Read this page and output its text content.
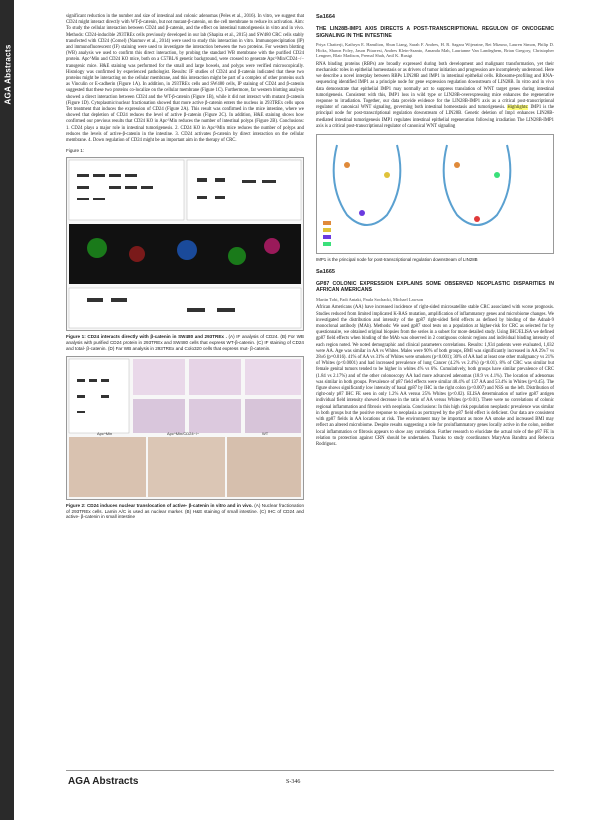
AGA Abstracts

significant reduction in the number and size of intestinal and colonic adenomas (Peles et al., 2016). In vitro, we suggest that CD24 might interact directly with WT-β-catenin, but not mutant-β-catenin, on the cell membrane to reduce its activation. Aim: To study the cellular interaction between CD24 and β-catenin, and the effect on intestinal tumorigenesis in vitro and in vivo. Methods: CD24-inducible 293TREx cells previously developed in our lab (Shapira et al., 2015) and SW480 CRC cells stably transfected with CD24 (Cornel) (Naumov et al., 2014) were used to study this interaction in vitro. Immunoprecipitation (IP) and immunofluorescent (IF) staining were used to investigate the interaction between the two proteins. For western blotting (WB) analysis we used to confirm this direct interaction, by probing the standard WB membrane with the purified CD24 protein. Apc^Min and CD24 KO mice, both on a C57BL/6 genetic background, were crossed to generate Apc^Min/CD24−/− transgenic mice. H&E staining was performed for the small and large bowels, and polyps were verified microscopically. Histology was confirmed by experienced pathologist. Results: IF studies of CD24 and β-catenin indicated that these two proteins might be interacting on the cellular membrane, and this interaction might be part of a complex of other proteins such as Vinculin or E-cadherin (Figure 1A). In addition, in 293TREx cells and SW480 cells, IP staining of CD24 and β-catenin suggested that these two proteins co-localize on the cellular membrane (Figure 1C). Furthermore, far western blotting analysis showed a direct interaction between CD24 and the WT-β-catenin (Figure 1B), while it did not interact with mutant β-catenin (Figure 1D). Cytoplasmic/nuclear fractionation showed that more active β-catenin enters the nucleus in 293TREx cells upon Tet treatment that induces the expression of CD24 (Figure 2A). This result was confirmed in the mice intestine, where we showed that depletion of CD24 reduces the level of active β-catenin (Figure 2C). In addition, H&E staining shows how confirmed our previous results that CD24 KO in Apc^Min reduces the number of intestinal polyps (Figure 2B). Conclusions: 1. CD24 plays a major role in intestinal tumorigenesis. 2. CD24 KO in Apc^Min mice reduces the number of polyps and reduces the levels of active-β-catenin in the intestine. 3. CD24 activates β-catenin by direct interaction on the cellular membrane. 4. Down regulation of CD24 might be an important aim in the therapy of CRC.

Figure 1:
Figure 1: CD24 interacts directly with β-catenin in SW480 and 293TREx . (A) IF analysis of CD24. (B) For WB analysis with purified CD24 protein in 293TREx and SW480 cells that express WT-β-catenin. (C) IF staining of CD24 and total- β-catenin. (D) Far WB analysis in 293TREx and Colo320 cells that express mut- β-catenin.
Apc^Min	Apc^Min/CD24−/−	WT
Figure 2: CD24 induces nuclear translocation of active- β-catenin in vitro and in vivo. (A) Nuclear fractionation of 293TREx cells. Lamin A/C is used as nuclear marker. (B) H&E staining of small intestine. (C) IHC of CD24 and active- β-catenin in small intestine
Sa1664
THE LIN28B-IMP1 AXIS DIRECTS A POST-TRANSCRIPTIONAL REGULON OF ONCOGENIC SIGNALING IN THE INTESTINE
Priya Chatterji, Kathryn E. Hamilton, Shun Liang, Sarah F. Andres, H. R. Sagara Wijeratne, Rei Mizuno, Lauren Simon, Philip D. Hicks, Shawn Foley, Jason Pitarresi, Andres Klein-Szanto, Amanda Mah, Laurianne Van Landeghem, Brian Gregory, Christopher Lengner, Blair Madison, Premal Shah, Anil K. Rustgi

RNA binding proteins (RBPs) are broadly expressed during both development and malignant transformation, yet their mechanistic roles in epithelial homeostasis or as drivers of tumor initiation and progression are incompletely understood. Here we describe a novel interplay between RBPs LIN28B and IMP1 in intestinal epithelial cells. Ribosome-profiling and RNA-sequencing identified IMP1 as a principle node for gene expression regulation downstream of LIN28B. In vitro and in vivo data demonstrate that epithelial IMP1 may normally act to suppress translation of WNT target genes during intestinal tumorigenesis. Consistent with this, IMP1 loss in wild type or LIN28B-overexpressing mice enhances the regenerative response to irradiation. Together, our data provide evidence for the LIN28B-IMP1 axis as a critical post-transcriptional regulator of canonical WNT signaling, governing both intestinal homeostasis and tumorigenesis. Highlights: IMP1 is the principal node for post-transcriptional regulation downstream of LIN28B. Genetic deletion of Imp1 enhances LIN28B-mediated intestinal tumorigenesis IMP1 regulates intestinal epithelial regeneration following irradiation The LIN28B-IMP1 axis is a critical post-transcriptional regulator of canonical WNT signaling

IMP1 is the principal node for post-transcriptional regulation downstream of LIN28B
Sa1665
GP87 COLONIC EXPRESSION EXPLAINS SOME OBSERVED NEOPLASTIC DISPARITIES IN AFRICAN AMERICANS
Martin Tobi, Fadi Antaki, Paula Sochacki, Michael Lawson

African Americans (AA) have increased incidence of right-sided microsatellite stable CRC associated with worse prognosis. Studies reduced from limited implicated K-RAS mutation, amplification of inflammatory genes and microbiome changes. We investigated the distribution and intensity of the gp87 right-sided field effects as defined by binding of the Adnab-9 monoclonal antibody (MAb). Methods: We used gp87 stool tests on a population at higher-risk for CRC as selected for by questionnaire, we obtained original biopsies from the series in a subset for more detailed study. Using IHC/ELISA we defined gp87 field effects when binding of the MAb was observed in 2 contiguous colonic regions and individual binding intensity of each region noted. We noted demographic and clinical parameters correlations. Results: 1,934 patients were evaluated, 1,032 were AA. Age was similar in AA vs Whites. Males were 90% of both groups, BMI was significantly increased in AA 29±7 vs 28±6 (p=0.016). 41% of AA vs 31% of Whites were smokers (p<0.001); 30% of AA had at least one other malignancy vs 21% of Whites (p<0.0001) and had increased prevalence of lung Cancer (4.2% vs 2.4%) (p<0.01). 8% of CRC was similar but female genital tumors tended to be higher in whites 4% vs 6%. Cumulatively, both groups have similar prevalence of CRC (1.84 vs 2.17%) and of the other colonoscopy AA had more advanced adenomas (18.9 vs 4.1%). The location of adenomas was similar in both groups. Prevalence of p87 field effects were similar 48.4% of 137 AA and 53.4% in Whites (p=0.45). The figure shows significantly low intensity of basal gp87 by IHC in the right colon (p<0.007) and NSS on the left. Distribution of right-only p87 IHC FE seen in only 1.2% AA versus 25% Whites (p<0.02). ELISA determination of native gp87 antigen individual field intensity showed decrease in the ratio of AA versus Whites (p<0.01). There were no correlations of colonic regional inflammation and fibrosis with neoplasia. Conclusions: In this high risk population neoplastic prevalence was similar in both groups but the positive response to neoplasia as portrayed by the p87 field effect is deficient. Our data are consistent with gp87 fields in AA locations at risk. The environment may be important as more AA smoke and increased BMI may reflect an altered microbiome. Despite results suggesting a role for proinflammatory genes locally active in the colon, neither local inflammation or fibrosis appears to show any correlation. Further research to elucidate the actual role of the p87 FE in relation to protection against CRN should be undertaken. Thanks to study coordinators MaryAnn Bandtra and Rebecca Rodriguez.

AGA Abstracts	S-346
